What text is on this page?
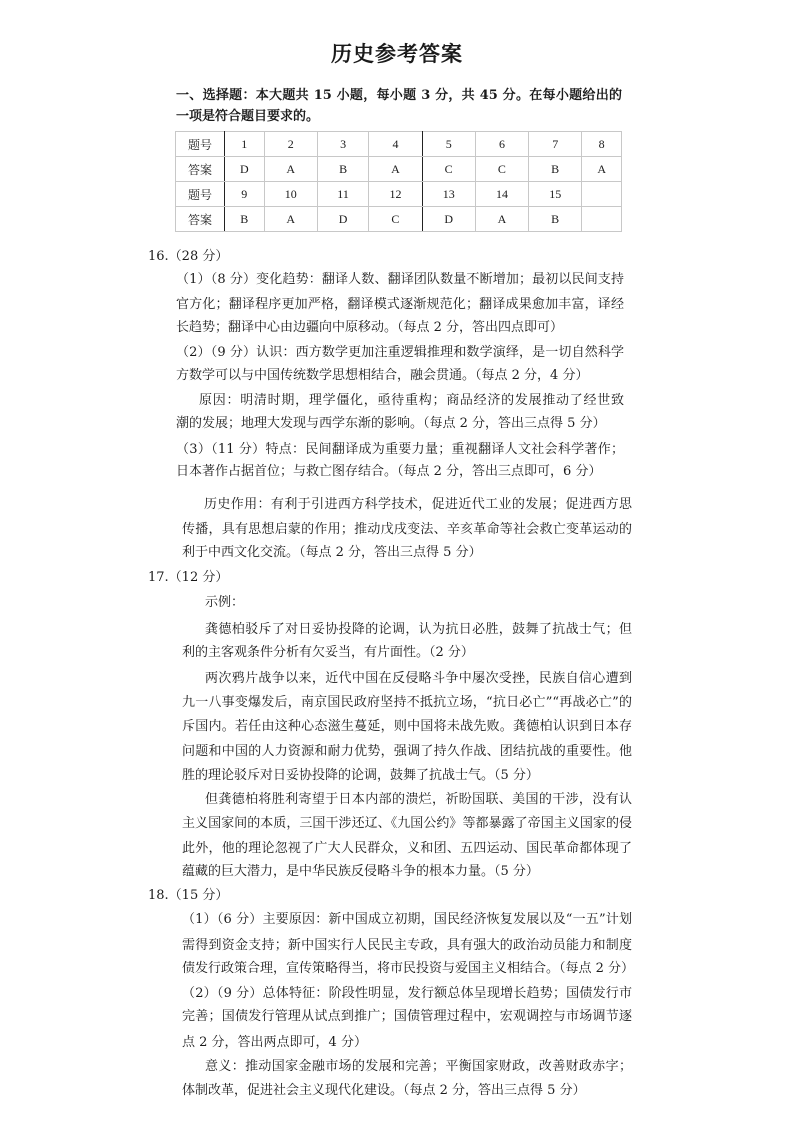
历史参考答案
一、选择题：本大题共 15 小题，每小题 3 分，共 45 分。在每小题给出的
一项是符合题目要求的。
题号	1	2	3	4	5	6	7	8
答案	D	A	B	A	C	C	B	A
题号	9	10	11	12	13	14	15	
答案	B	A	D	C	D	A	B	
16.（28 分）
（1）（8 分）变化趋势：翻译人数、翻译团队数量不断增加；最初以民间支持
官方化；翻译程序更加严格，翻译模式逐渐规范化；翻译成果愈加丰富，译经
长趋势；翻译中心由边疆向中原移动。（每点 2 分，答出四点即可）
（2）（9 分）认识：西方数学更加注重逻辑推理和数学演绎，是一切自然科学
方数学可以与中国传统数学思想相结合，融会贯通。（每点 2 分，4 分）
原因：明清时期，理学僵化，亟待重构；商品经济的发展推动了经世致
潮的发展；地理大发现与西学东渐的影响。（每点 2 分，答出三点得 5 分）
（3）（11 分）特点：民间翻译成为重要力量；重视翻译人文社会科学著作；
日本著作占据首位；与救亡图存结合。（每点 2 分，答出三点即可，6 分）
历史作用：有利于引进西方科学技术，促进近代工业的发展；促进西方思
传播，具有思想启蒙的作用；推动戊戌变法、辛亥革命等社会救亡变革运动的
利于中西文化交流。（每点 2 分，答出三点得 5 分）
17.（12 分）
示例：
龚德柏驳斥了对日妥协投降的论调，认为抗日必胜，鼓舞了抗战士气；但
利的主客观条件分析有欠妥当，有片面性。（2 分）
两次鸦片战争以来，近代中国在反侵略斗争中屡次受挫，民族自信心遭到
九一八事变爆发后，南京国民政府坚持不抵抗立场，“抗日必亡”“再战必亡”的
斥国内。若任由这种心态滋生蔓延，则中国将未战先败。龚德柏认识到日本存
问题和中国的人力资源和耐力优势，强调了持久作战、团结抗战的重要性。他
胜的理论驳斥对日妥协投降的论调，鼓舞了抗战士气。（5 分）
但龚德柏将胜利寄望于日本内部的溃烂，祈盼国联、美国的干涉，没有认
主义国家间的本质，三国干涉还辽、《九国公约》等都暴露了帝国主义国家的侵
此外，他的理论忽视了广大人民群众，义和团、五四运动、国民革命都体现了
蕴藏的巨大潜力，是中华民族反侵略斗争的根本力量。（5 分）
18.（15 分）
（1）（6 分）主要原因：新中国成立初期，国民经济恢复发展以及“一五”计划
需得到资金支持；新中国实行人民民主专政，具有强大的政治动员能力和制度
债发行政策合理，宣传策略得当，将市民投资与爱国主义相结合。（每点 2 分）
（2）（9 分）总体特征：阶段性明显，发行额总体呈现增长趋势；国债发行市
完善；国债发行管理从试点到推广；国债管理过程中，宏观调控与市场调节逐
点 2 分，答出两点即可，4 分）
意义：推动国家金融市场的发展和完善；平衡国家财政，改善财政赤字；
体制改革，促进社会主义现代化建设。（每点 2 分，答出三点得 5 分）
